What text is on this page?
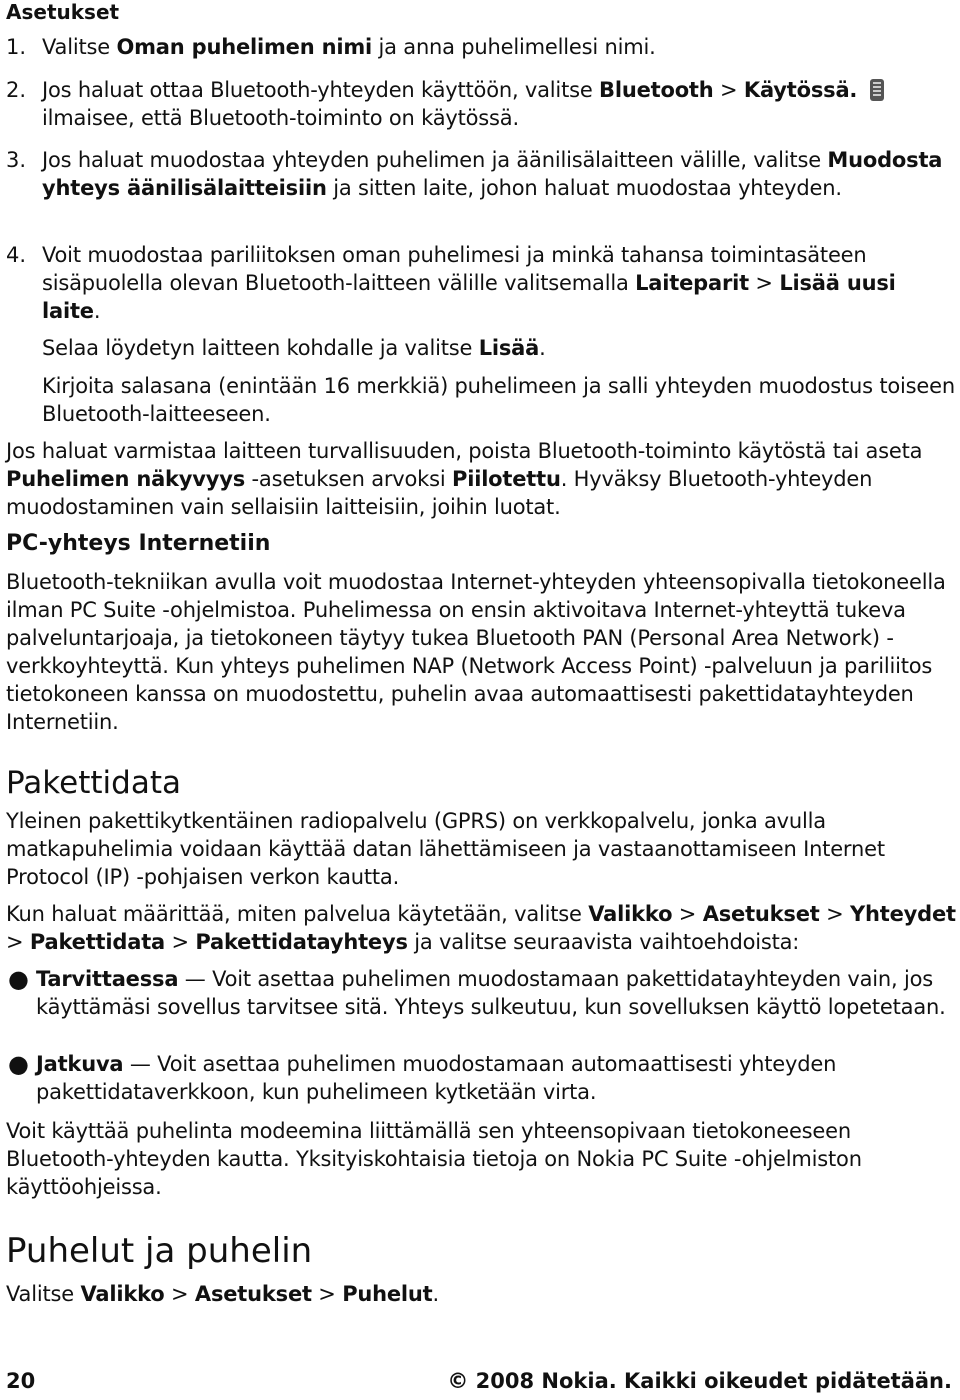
Asetukset
1. Valitse Oman puhelimen nimi ja anna puhelimellesi nimi.

2. Jos haluat ottaa Bluetooth-yhteyden käyttöön, valitse Bluetooth > Käytössä.
ilmaisee, että Bluetooth-toiminto on käytössä.

3. Jos haluat muodostaa yhteyden puhelimen ja äänilisälaitteen välille, valitse Muodosta yhteys äänilisälaitteisiin ja sitten laite, johon haluat muodostaa yhteyden.

4. Voit muodostaa pariliitoksen oman puhelimesi ja minkä tahansa toimintasäteen sisäpuolella olevan Bluetooth-laitteen välille valitsemalla Laiteparit > Lisää uusi laite.

Selaa löydetyn laitteen kohdalle ja valitse Lisää.

Kirjoita salasana (enintään 16 merkkiä) puhelimeen ja salli yhteyden muodostus toiseen Bluetooth-laitteeseen.

Jos haluat varmistaa laitteen turvallisuuden, poista Bluetooth-toiminto käytöstä tai aseta Puhelimen näkyvyys -asetuksen arvoksi Piilotettu. Hyväksy Bluetooth-yhteyden muodostaminen vain sellaisiin laitteisiin, joihin luotat.

PC-yhteys Internetiin

Bluetooth-tekniikan avulla voit muodostaa Internet-yhteyden yhteensopivalla tietokoneella ilman PC Suite -ohjelmistoa. Puhelimessa on ensin aktivoitava Internet-yhteyttä tukeva palveluntarjoaja, ja tietokoneen täytyy tukea Bluetooth PAN (Personal Area Network) -verkkoyhteyttä. Kun yhteys puhelimen NAP (Network Access Point) -palveluun ja pariliitos tietokoneen kanssa on muodostettu, puhelin avaa automaattisesti pakettidatayhteyden Internetiin.

Pakettidata

Yleinen pakettikytkentäinen radiopalvelu (GPRS) on verkkopalvelu, jonka avulla matkapuhelimia voidaan käyttää datan lähettämiseen ja vastaanottamiseen Internet Protocol (IP) -pohjaisen verkon kautta.

Kun haluat määrittää, miten palvelua käytetään, valitse Valikko > Asetukset > Yhteydet > Pakettidata > Pakettidatayhteys ja valitse seuraavista vaihtoehdoista:

● Tarvittaessa — Voit asettaa puhelimen muodostamaan pakettidatayhteyden vain, jos käyttämäsi sovellus tarvitsee sitä. Yhteys sulkeutuu, kun sovelluksen käyttö lopetetaan.

● Jatkuva — Voit asettaa puhelimen muodostamaan automaattisesti yhteyden pakettidataverkkoon, kun puhelimeen kytketään virta.

Voit käyttää puhelinta modeemina liittämällä sen yhteensopivaan tietokoneeseen Bluetooth-yhteyden kautta. Yksityiskohtaisia tietoja on Nokia PC Suite -ohjelmiston käyttöohjeissa.

Puhelut ja puhelin

Valitse Valikko > Asetukset > Puhelut.

20	© 2008 Nokia. Kaikki oikeudet pidätetään.
